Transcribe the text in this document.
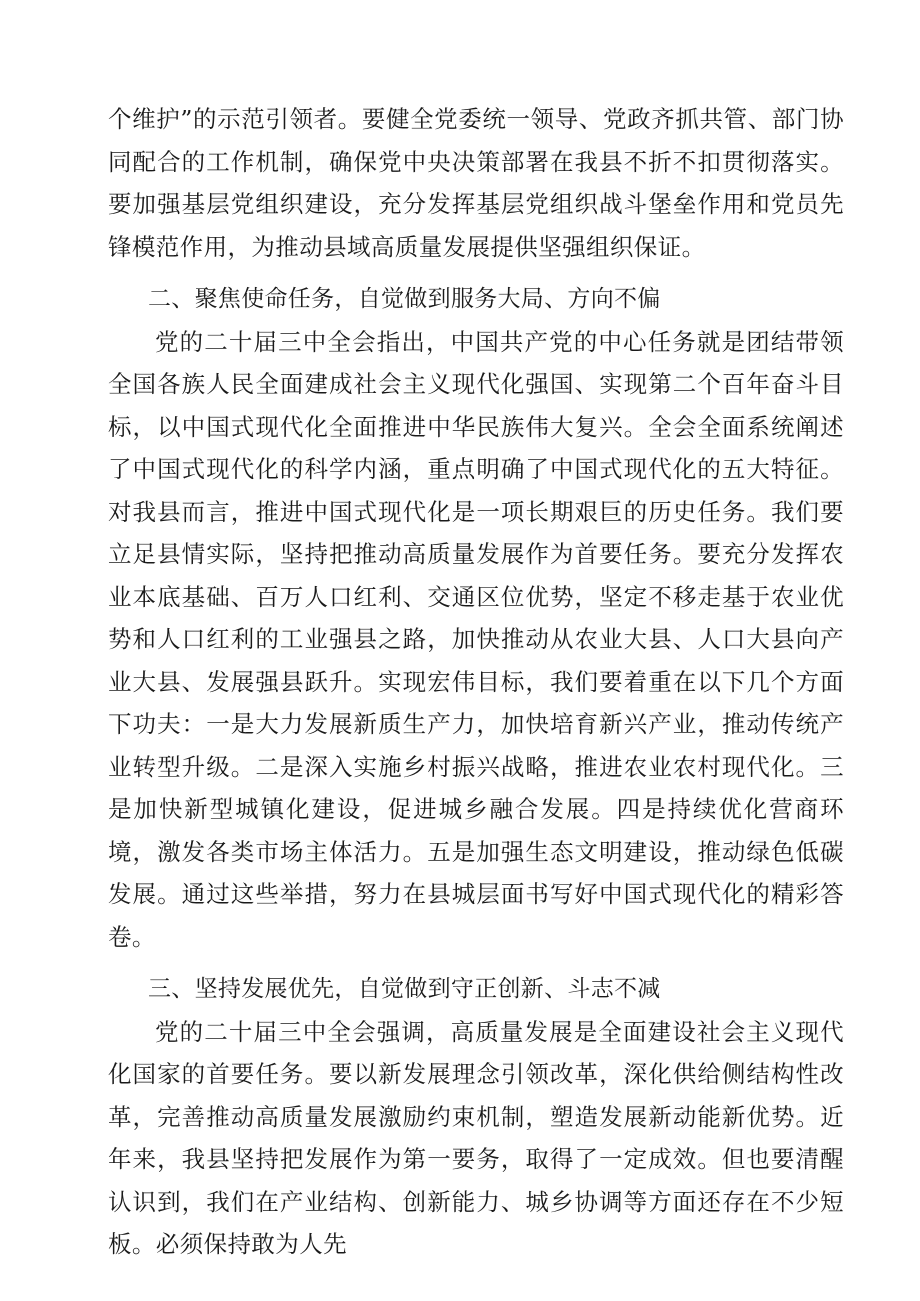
个维护”的示范引领者。要健全党委统一领导、党政齐抓共管、部门协同配合的工作机制，确保党中央决策部署在我县不折不扣贯彻落实。要加强基层党组织建设，充分发挥基层党组织战斗堡垒作用和党员先锋模范作用，为推动县域高质量发展提供坚强组织保证。

二、聚焦使命任务，自觉做到服务大局、方向不偏

党的二十届三中全会指出，中国共产党的中心任务就是团结带领全国各族人民全面建成社会主义现代化强国、实现第二个百年奋斗目标，以中国式现代化全面推进中华民族伟大复兴。全会全面系统阐述了中国式现代化的科学内涵，重点明确了中国式现代化的五大特征。对我县而言，推进中国式现代化是一项长期艰巨的历史任务。我们要立足县情实际，坚持把推动高质量发展作为首要任务。要充分发挥农业本底基础、百万人口红利、交通区位优势，坚定不移走基于农业优势和人口红利的工业强县之路，加快推动从农业大县、人口大县向产业大县、发展强县跃升。实现宏伟目标，我们要着重在以下几个方面下功夫：一是大力发展新质生产力，加快培育新兴产业，推动传统产业转型升级。二是深入实施乡村振兴战略，推进农业农村现代化。三是加快新型城镇化建设，促进城乡融合发展。四是持续优化营商环境，激发各类市场主体活力。五是加强生态文明建设，推动绿色低碳发展。通过这些举措，努力在县城层面书写好中国式现代化的精彩答卷。

三、坚持发展优先，自觉做到守正创新、斗志不减

党的二十届三中全会强调，高质量发展是全面建设社会主义现代化国家的首要任务。要以新发展理念引领改革，深化供给侧结构性改革，完善推动高质量发展激励约束机制，塑造发展新动能新优势。近年来，我县坚持把发展作为第一要务，取得了一定成效。但也要清醒认识到，我们在产业结构、创新能力、城乡协调等方面还存在不少短板。必须保持敢为人先
